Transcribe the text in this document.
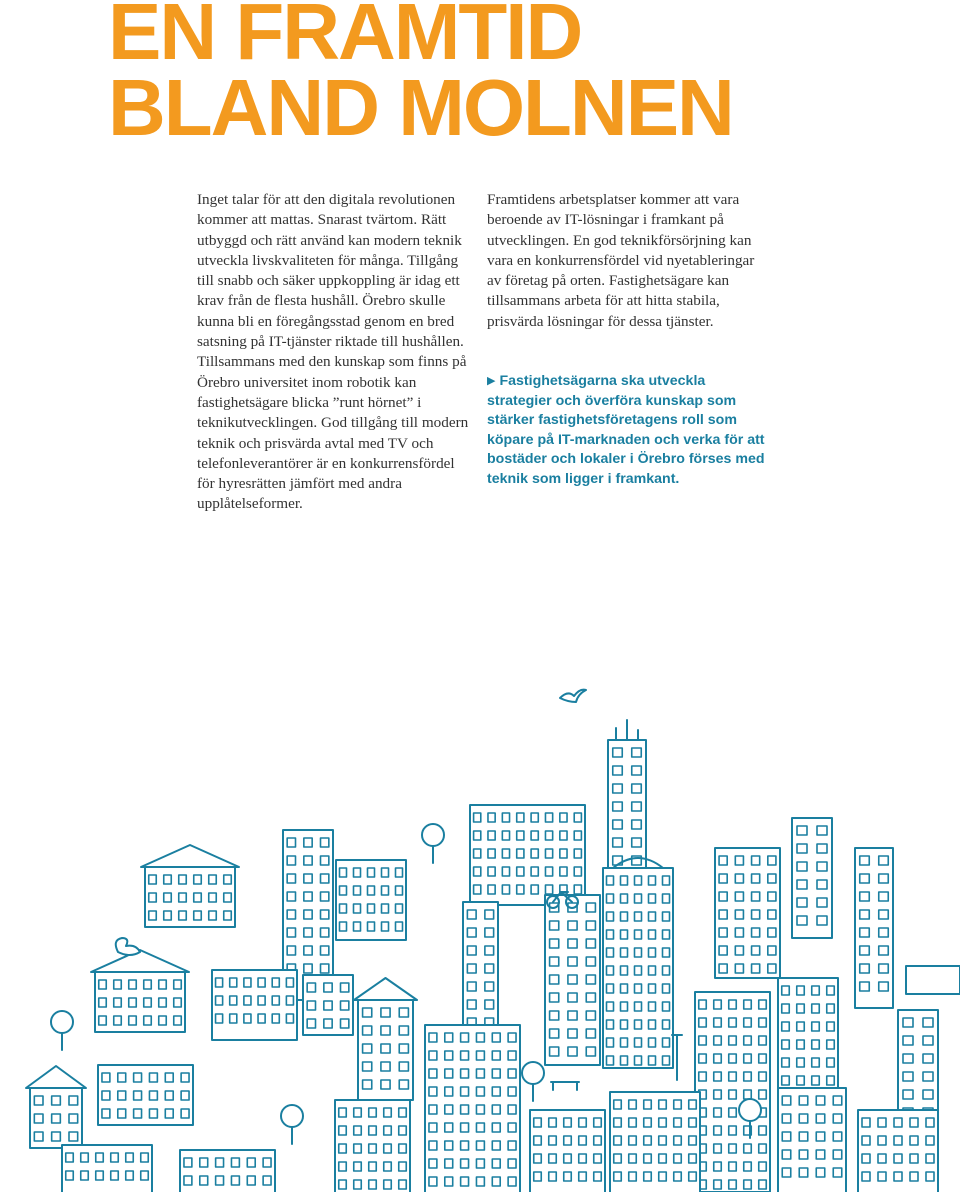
EN FRAMTID
BLAND MOLNEN

Inget talar för att den digitala revolutionen kommer att mattas. Snarast tvärtom. Rätt utbyggd och rätt använd kan modern teknik utveckla livskvaliteten för många. Tillgång till snabb och säker uppkoppling är idag ett krav från de flesta hushåll. Örebro skulle kunna bli en föregångsstad genom en bred satsning på IT-tjänster riktade till hushållen. Tillsammans med den kunskap som finns på Örebro universitet inom robotik kan fastighetsägare blicka ”runt hörnet” i teknikutvecklingen. God tillgång till modern teknik och prisvärda avtal med TV och telefonleverantörer är en konkurrensfördel för hyresrätten jämfört med andra upplåtelseformer.

Framtidens arbetsplatser kommer att vara beroende av IT-lösningar i framkant på utvecklingen. En god teknikförsörjning kan vara en konkurrensfördel vid nyetableringar av företag på orten. Fastighetsägare kan tillsammans arbeta för att hitta stabila, prisvärda lösningar för dessa tjänster.

▶ Fastighetsägarna ska utveckla strategier och överföra kunskap som stärker fastighetsföretagens roll som köpare på IT-marknaden och verka för att bostäder och lokaler i Örebro förses med teknik som ligger i framkant.
